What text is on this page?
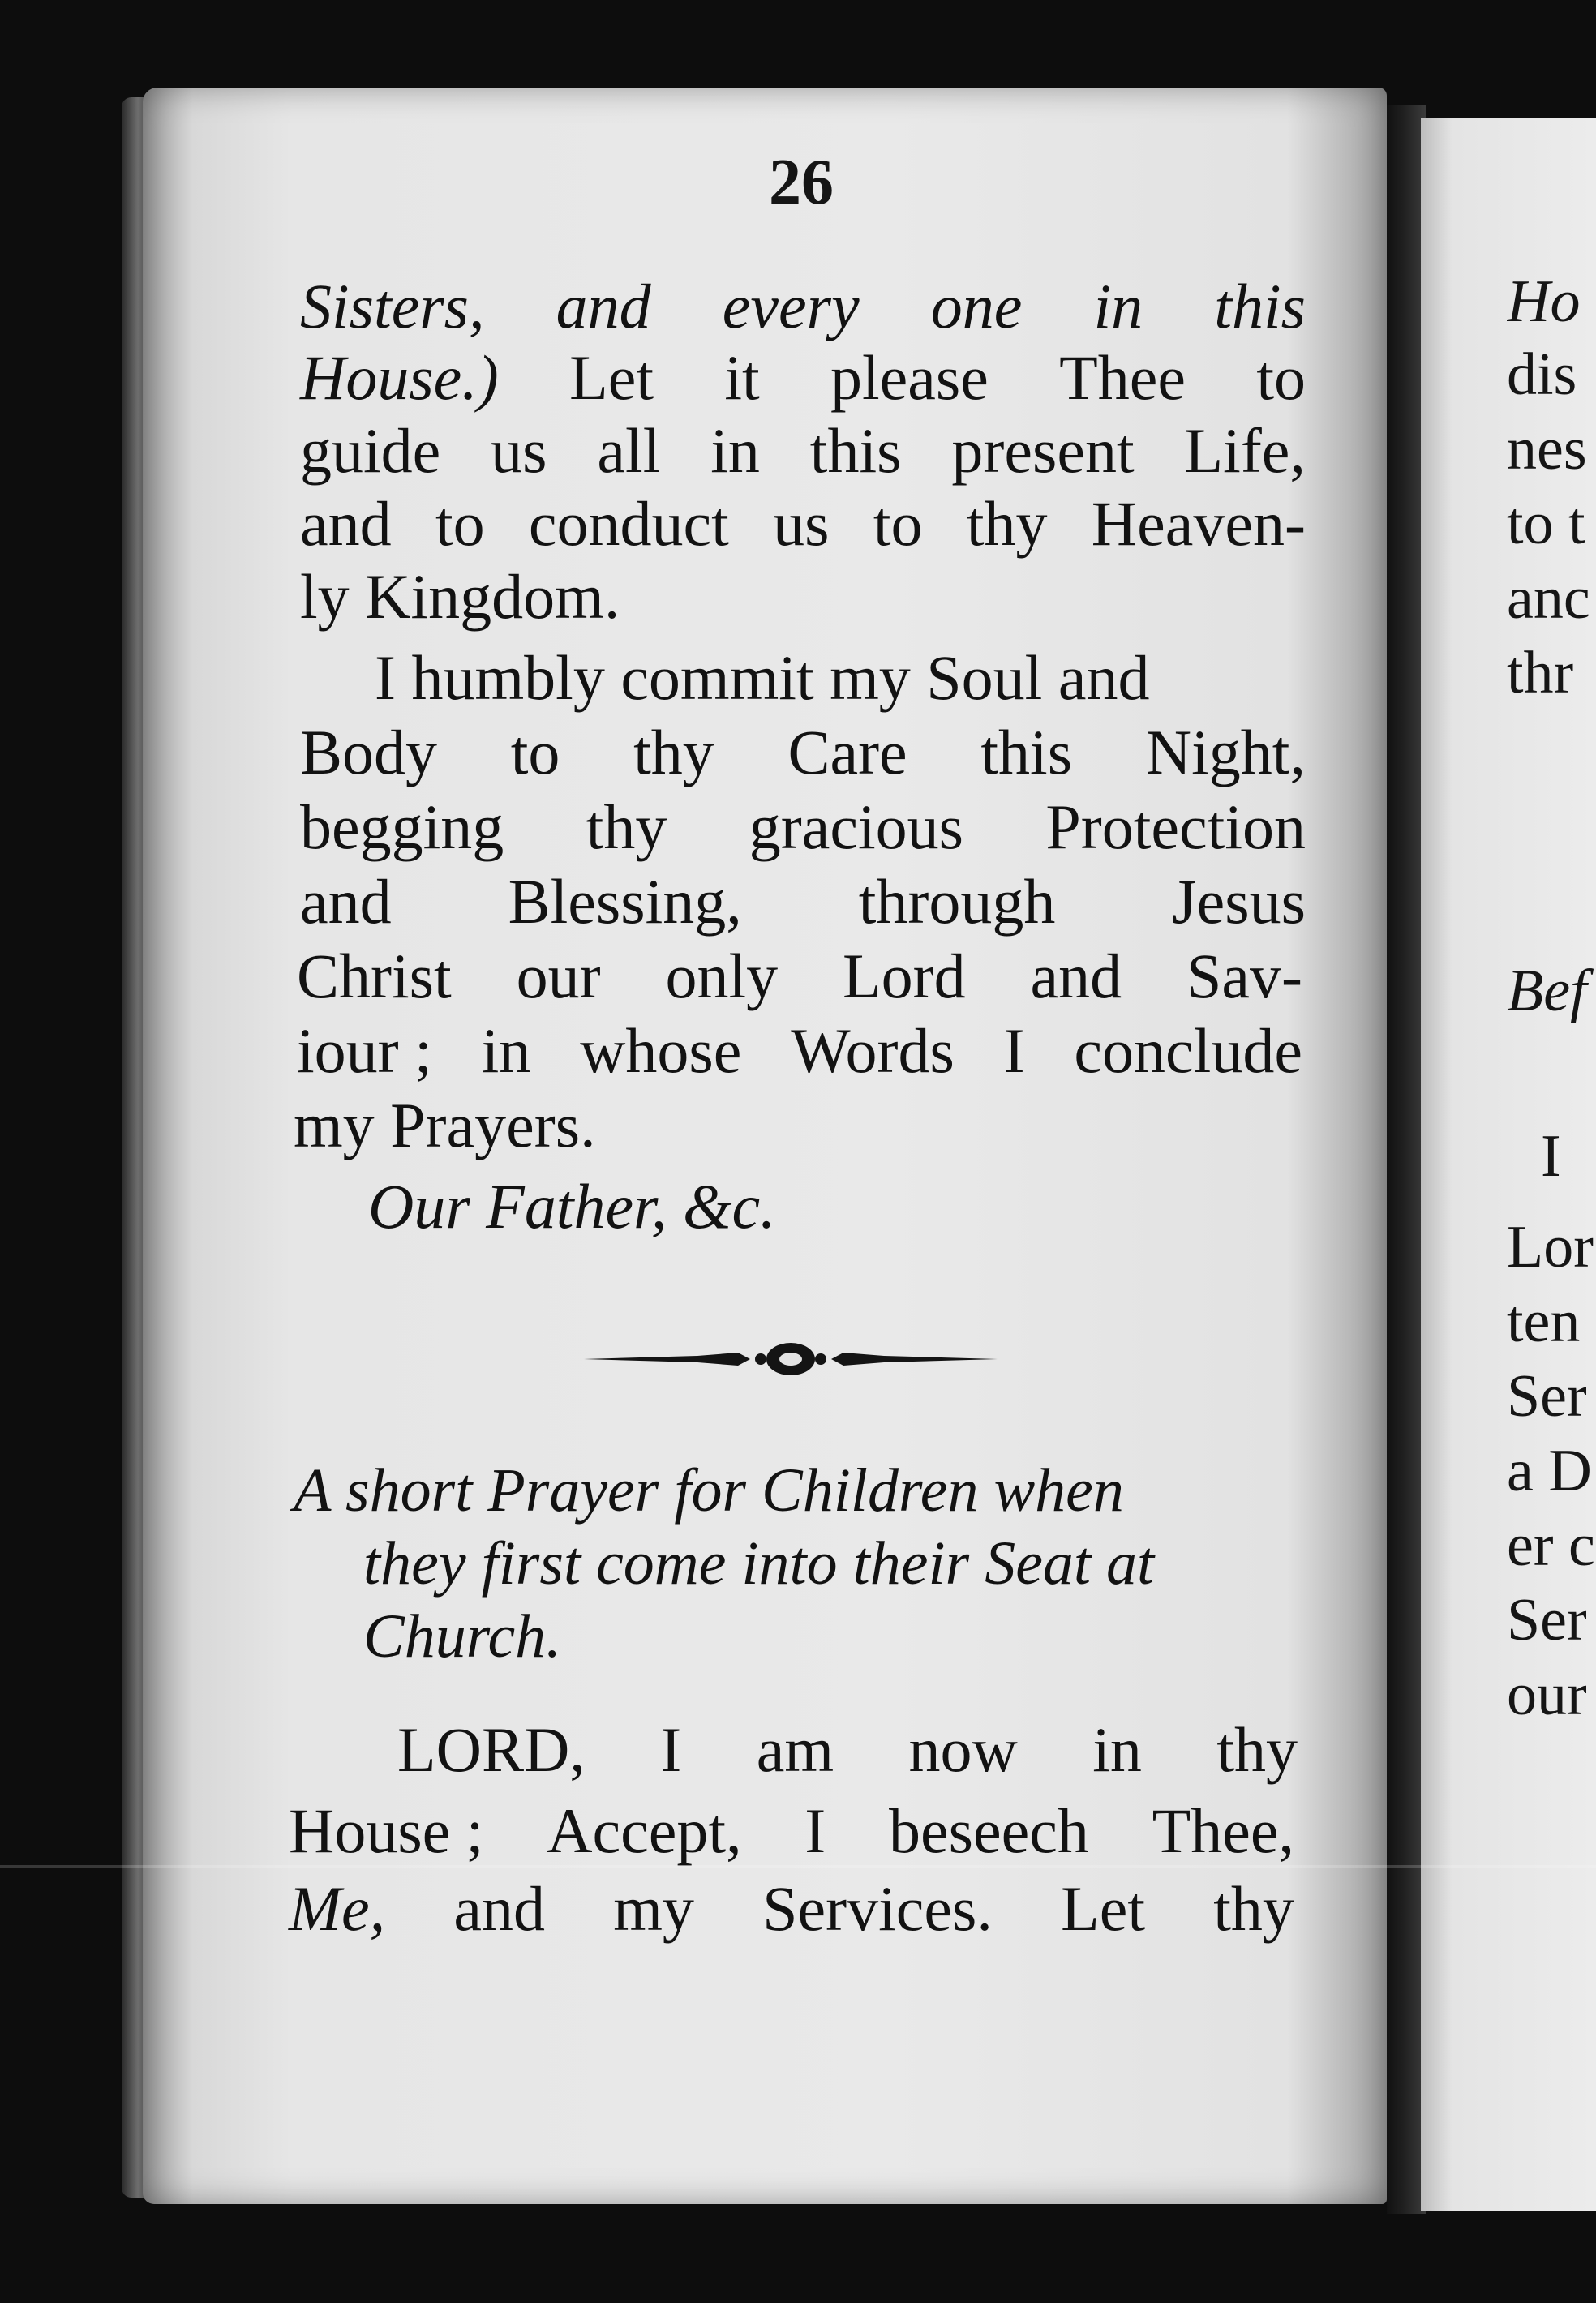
26
Sisters, and every one in this
House.) Let it please Thee to
guide us all in this present Life,
and to conduct us to thy Heaven-
ly Kingdom.
I humbly commit my Soul and
Body to thy Care this Night,
begging thy gracious Protection
and Blessing, through Jesus
Christ our only Lord and Sav-
iour ; in whose Words I conclude
my Prayers.
Our Father, &c.
A short Prayer for Children when
they first come into their Seat at
Church.
LORD, I am now in thy
House ; Accept, I beseech Thee,
Me, and my Services. Let thy
Ho
dis
nes
to t
anc
thr
Bef
I
Lor
ten
Ser
a D
er c
Ser
our
